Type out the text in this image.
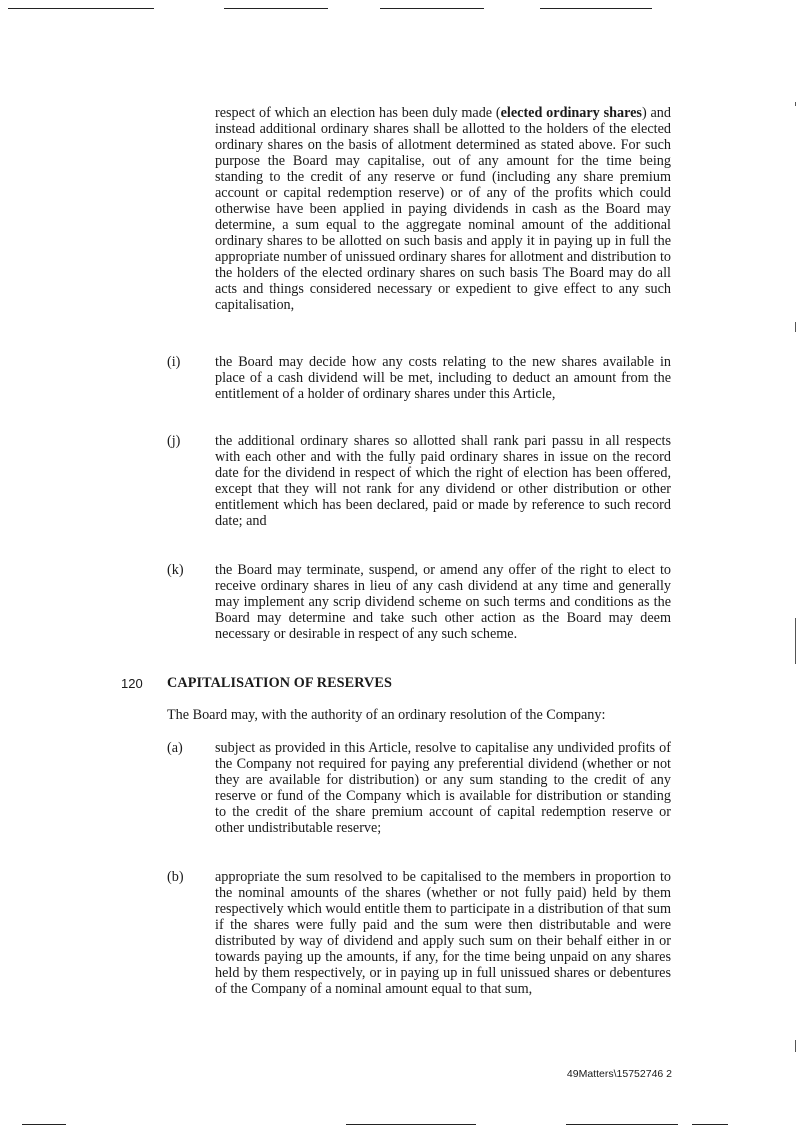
respect of which an election has been duly made (elected ordinary shares) and instead additional ordinary shares shall be allotted to the holders of the elected ordinary shares on the basis of allotment determined as stated above. For such purpose the Board may capitalise, out of any amount for the time being standing to the credit of any reserve or fund (including any share premium account or capital redemption reserve) or of any of the profits which could otherwise have been applied in paying dividends in cash as the Board may determine, a sum equal to the aggregate nominal amount of the additional ordinary shares to be allotted on such basis and apply it in paying up in full the appropriate number of unissued ordinary shares for allotment and distribution to the holders of the elected ordinary shares on such basis The Board may do all acts and things considered necessary or expedient to give effect to any such capitalisation,
(i) the Board may decide how any costs relating to the new shares available in place of a cash dividend will be met, including to deduct an amount from the entitlement of a holder of ordinary shares under this Article,
(j) the additional ordinary shares so allotted shall rank pari passu in all respects with each other and with the fully paid ordinary shares in issue on the record date for the dividend in respect of which the right of election has been offered, except that they will not rank for any dividend or other distribution or other entitlement which has been declared, paid or made by reference to such record date; and
(k) the Board may terminate, suspend, or amend any offer of the right to elect to receive ordinary shares in lieu of any cash dividend at any time and generally may implement any scrip dividend scheme on such terms and conditions as the Board may determine and take such other action as the Board may deem necessary or desirable in respect of any such scheme.
120 CAPITALISATION OF RESERVES
The Board may, with the authority of an ordinary resolution of the Company:
(a) subject as provided in this Article, resolve to capitalise any undivided profits of the Company not required for paying any preferential dividend (whether or not they are available for distribution) or any sum standing to the credit of any reserve or fund of the Company which is available for distribution or standing to the credit of the share premium account of capital redemption reserve or other undistributable reserve;
(b) appropriate the sum resolved to be capitalised to the members in proportion to the nominal amounts of the shares (whether or not fully paid) held by them respectively which would entitle them to participate in a distribution of that sum if the shares were fully paid and the sum were then distributable and were distributed by way of dividend and apply such sum on their behalf either in or towards paying up the amounts, if any, for the time being unpaid on any shares held by them respectively, or in paying up in full unissued shares or debentures of the Company of a nominal amount equal to that sum,
49Matters\15752746 2
